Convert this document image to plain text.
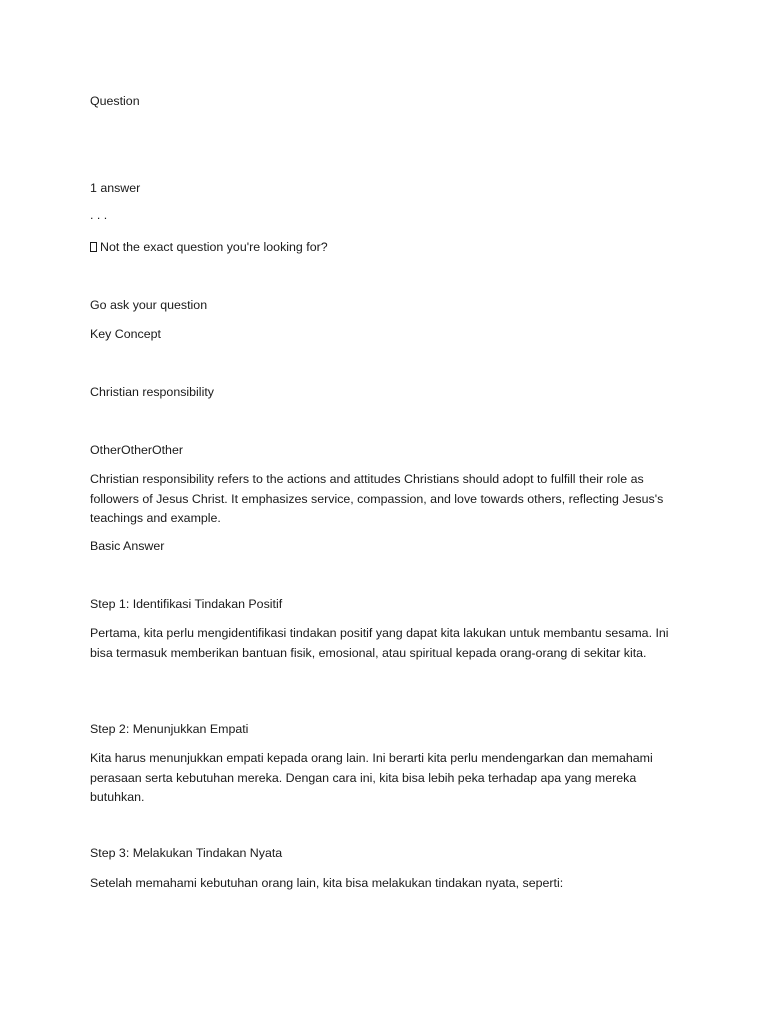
Question

1 answer

. . .

Not the exact question you're looking for?

Go ask your question

Key Concept

Christian responsibility

OtherOtherOther

Christian responsibility refers to the actions and attitudes Christians should adopt to fulfill their role as followers of Jesus Christ. It emphasizes service, compassion, and love towards others, reflecting Jesus's teachings and example.

Basic Answer

Step 1: Identifikasi Tindakan Positif

Pertama, kita perlu mengidentifikasi tindakan positif yang dapat kita lakukan untuk membantu sesama. Ini bisa termasuk memberikan bantuan fisik, emosional, atau spiritual kepada orang-orang di sekitar kita.

Step 2: Menunjukkan Empati

Kita harus menunjukkan empati kepada orang lain. Ini berarti kita perlu mendengarkan dan memahami perasaan serta kebutuhan mereka. Dengan cara ini, kita bisa lebih peka terhadap apa yang mereka butuhkan.

Step 3: Melakukan Tindakan Nyata

Setelah memahami kebutuhan orang lain, kita bisa melakukan tindakan nyata, seperti:
